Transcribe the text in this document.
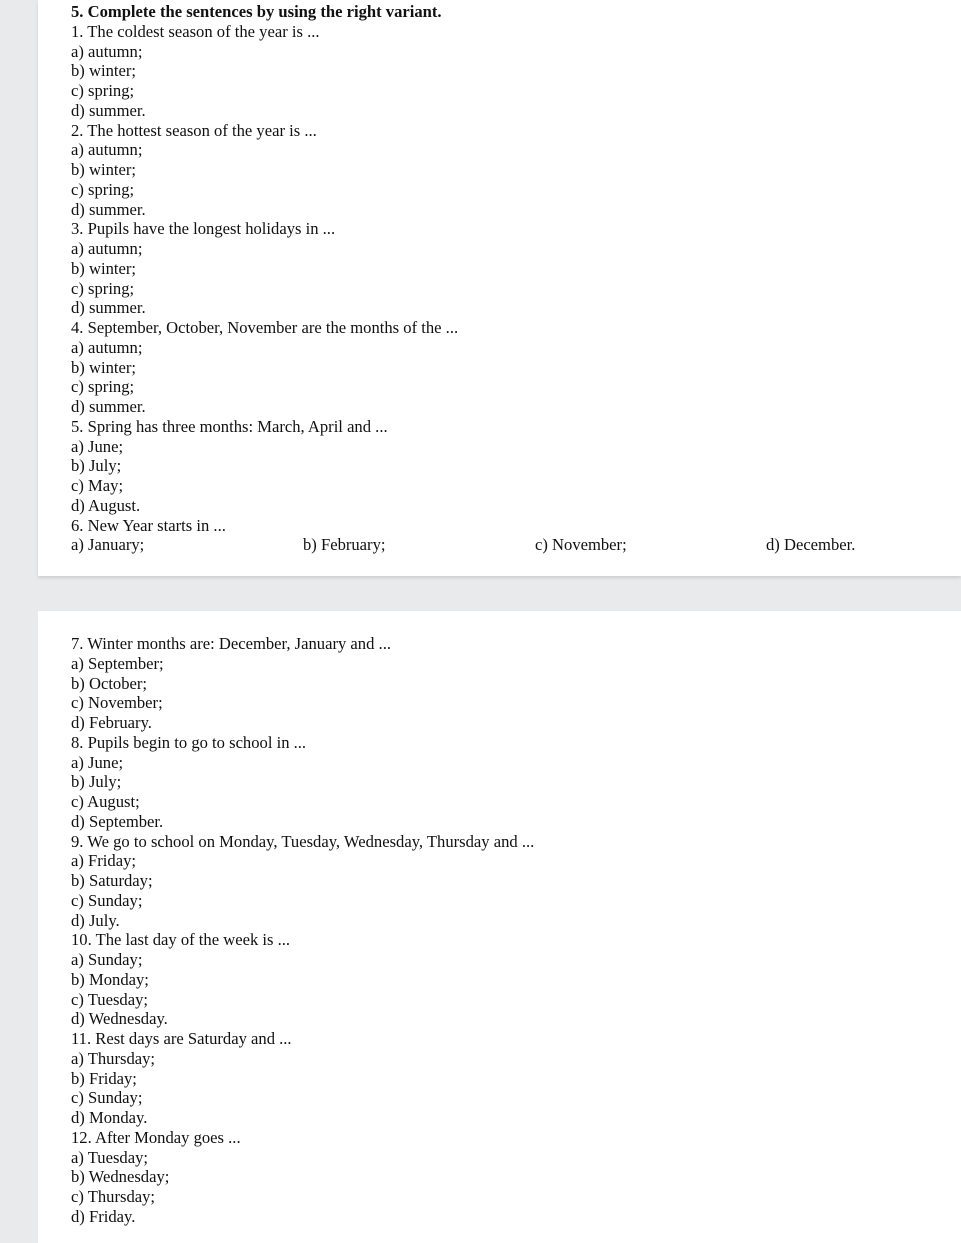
5. Complete the sentences by using the right variant.
1. The coldest season of the year is ...
a) autumn;
b) winter;
c) spring;
d) summer.
2. The hottest season of the year is ...
a) autumn;
b) winter;
c) spring;
d) summer.
3. Pupils have the longest holidays in ...
a) autumn;
b) winter;
c) spring;
d) summer.
4. September, October, November are the months of the ...
a) autumn;
b) winter;
c) spring;
d) summer.
5. Spring has three months: March, April and ...
a) June;
b) July;
c) May;
d) August.
6. New Year starts in ...
a) January;	b) February;	c) November;	d) December.
7. Winter months are: December, January and ...
a) September;
b) October;
c) November;
d) February.
8. Pupils begin to go to school in ...
a) June;
b) July;
c) August;
d) September.
9. We go to school on Monday, Tuesday, Wednesday, Thursday and ...
a) Friday;
b) Saturday;
c) Sunday;
d) July.
10. The last day of the week is ...
a) Sunday;
b) Monday;
c) Tuesday;
d) Wednesday.
11. Rest days are Saturday and ...
a) Thursday;
b) Friday;
c) Sunday;
d) Monday.
12. After Monday goes ...
a) Tuesday;
b) Wednesday;
c) Thursday;
d) Friday.
